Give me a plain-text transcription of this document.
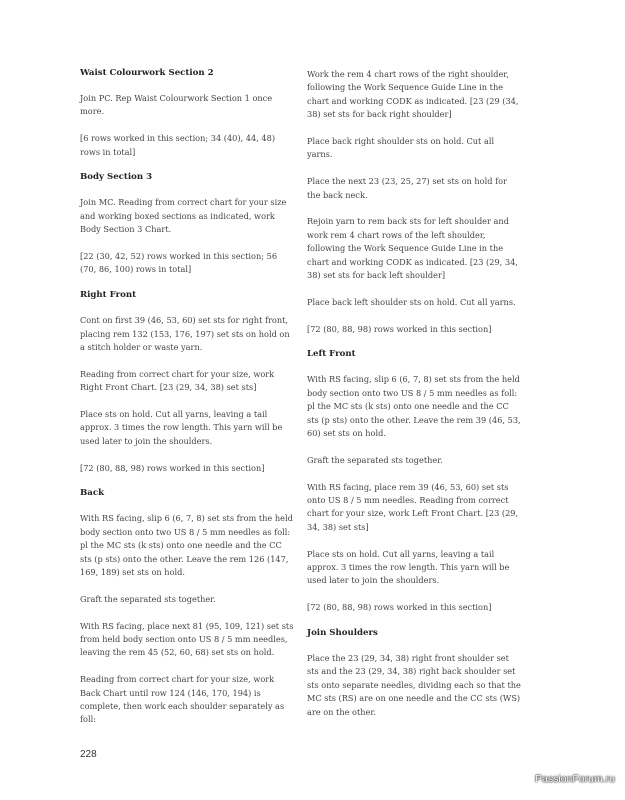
Waist Colourwork Section 2

Join PC. Rep Waist Colourwork Section 1 once more.

[6 rows worked in this section; 34 (40), 44, 48) rows in total]

Body Section 3

Join MC. Reading from correct chart for your size and working boxed sections as indicated, work Body Section 3 Chart.

[22 (30, 42, 52) rows worked in this section; 56 (70, 86, 100) rows in total]

Right Front

Cont on first 39 (46, 53, 60) set sts for right front, placing rem 132 (153, 176, 197) set sts on hold on a stitch holder or waste yarn.

Reading from correct chart for your size, work Right Front Chart. [23 (29, 34, 38) set sts]

Place sts on hold. Cut all yarns, leaving a tail approx. 3 times the row length. This yarn will be used later to join the shoulders.

[72 (80, 88, 98) rows worked in this section]

Back

With RS facing, slip 6 (6, 7, 8) set sts from the held body section onto two US 8 / 5 mm needles as foll: pl the MC sts (k sts) onto one needle and the CC sts (p sts) onto the other. Leave the rem 126 (147, 169, 189) set sts on hold.

Graft the separated sts together.

With RS facing, place next 81 (95, 109, 121) set sts from held body section onto US 8 / 5 mm needles, leaving the rem 45 (52, 60, 68) set sts on hold.

Reading from correct chart for your size, work Back Chart until row 124 (146, 170, 194) is complete, then work each shoulder separately as foll:

Work the rem 4 chart rows of the right shoulder, following the Work Sequence Guide Line in the chart and working CODK as indicated. [23 (29 (34, 38) set sts for back right shoulder]

Place back right shoulder sts on hold. Cut all yarns.

Place the next 23 (23, 25, 27) set sts on hold for the back neck.

Rejoin yarn to rem back sts for left shoulder and work rem 4 chart rows of the left shoulder, following the Work Sequence Guide Line in the chart and working CODK as indicated. [23 (29, 34, 38) set sts for back left shoulder]

Place back left shoulder sts on hold. Cut all yarns.

[72 (80, 88, 98) rows worked in this section]

Left Front

With RS facing, slip 6 (6, 7, 8) set sts from the held body section onto two US 8 / 5 mm needles as foll: pl the MC sts (k sts) onto one needle and the CC sts (p sts) onto the other. Leave the rem 39 (46, 53, 60) set sts on hold.

Graft the separated sts together.

With RS facing, place rem 39 (46, 53, 60) set sts onto US 8 / 5 mm needles. Reading from correct chart for your size, work Left Front Chart. [23 (29, 34, 38) set sts]

Place sts on hold. Cut all yarns, leaving a tail approx. 3 times the row length. This yarn will be used later to join the shoulders.

[72 (80, 88, 98) rows worked in this section]

Join Shoulders

Place the 23 (29, 34, 38) right front shoulder set sts and the 23 (29, 34, 38) right back shoulder set sts onto separate needles, dividing each so that the MC sts (RS) are on one needle and the CC sts (WS) are on the other.

228
PassionForum.ru
